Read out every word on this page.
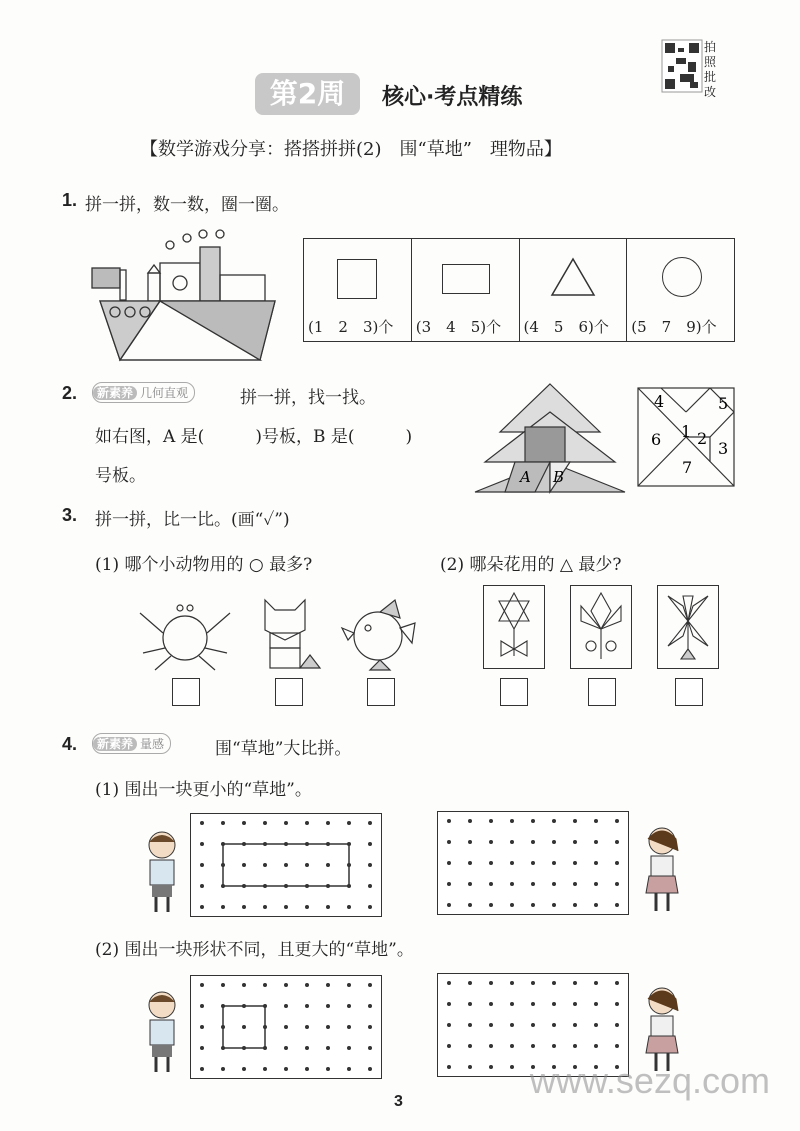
第2周	核心·考点精练
拍照批改
【数学游戏分享：搭搭拼拼(2)　围“草地”　理物品】
1. 拼一拼，数一数，圈一圈。
(1　2　3)个 (3　4　5)个 (4　5　6)个 (5　7　9)个
2.	新素养 几何直观	拼一拼，找一找。
如右图，A 是(　　　)号板，B 是(　　　)
号板。	A B
4
1
5
6 2
3
7
3. 拼一拼，比一比。(画“✓”)
(1) 哪个小动物用的 ○ 最多?	(2) 哪朵花用的 △ 最少?
4.	新素养 量感	围“草地”大比拼。
(1) 围出一块更小的“草地”。
(2) 围出一块形状不同，且更大的“草地”。
3
www.sezq.com
